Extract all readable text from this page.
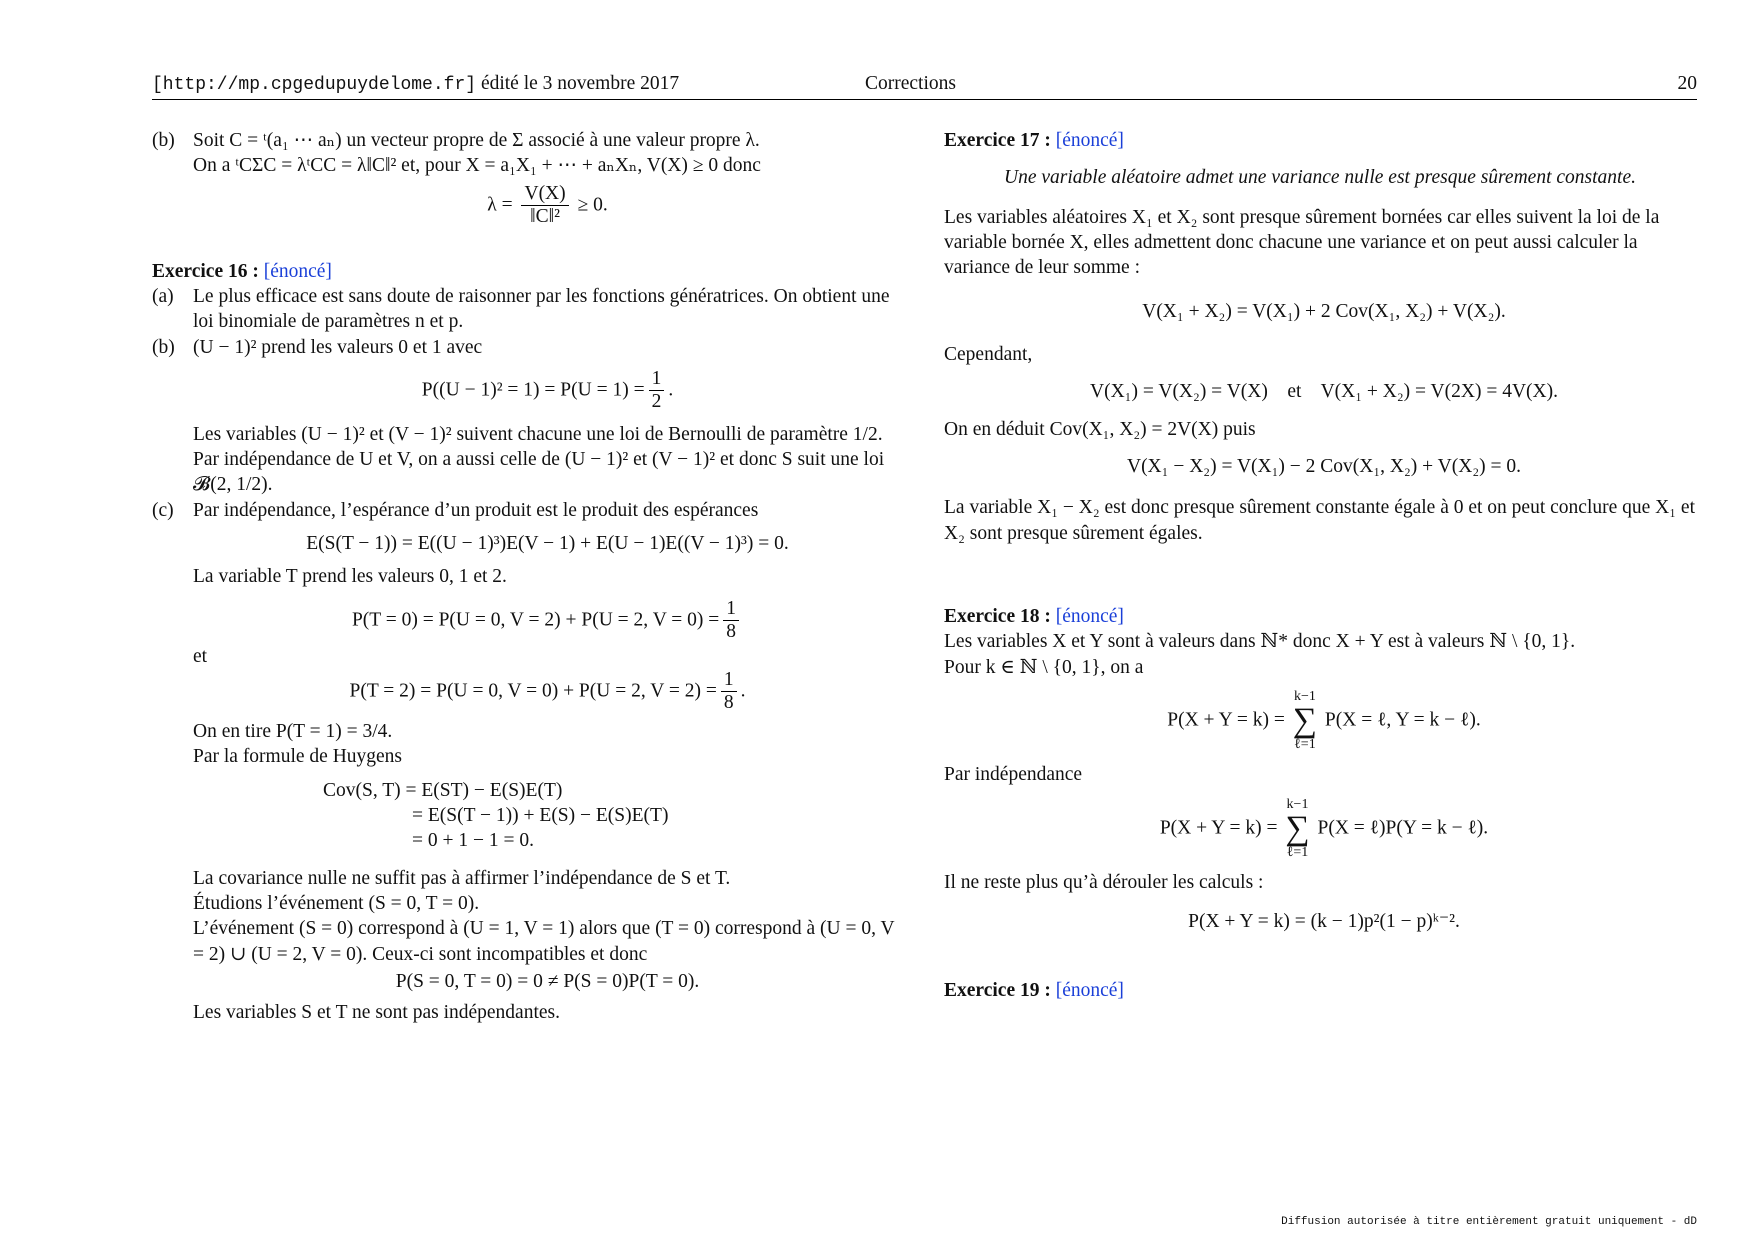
[http://mp.cpgedupuydelome.fr] édité le 3 novembre 2017	Corrections	20
(b) Soit C = ᵗ(a₁ ⋯ aₙ) un vecteur propre de Σ associé à une valeur propre λ.

On a ᵗCΣC = λᵗCC = λ‖C‖² et, pour X = a₁X₁ + ⋯ + aₙXₙ, V(X) ≥ 0 donc

$\lambda = \frac{V(X)}{\text{‖C‖²}} \ge 0$.

Exercice 16 : [énoncé]

(a) Le plus efficace est sans doute de raisonner par les fonctions génératrices. On obtient une loi binomiale de paramètres n et p.

(b) (U − 1)² prend les valeurs 0 et 1 avec

$P((U - 1)^2 = 1) = P(U = 1) = \frac{1}{2}$ .

Les variables (U − 1)² et (V − 1)² suivent chacune une loi de Bernoulli de paramètre 1/2. Par indépendance de U et V, on a aussi celle de (U − 1)² et (V − 1)² et donc S suit une loi 𝓑(2, 1/2).

(c) Par indépendance, l’espérance d’un produit est le produit des espérances

E(S(T − 1)) = E((U − 1)³)E(V − 1) + E(U − 1)E((V − 1)³) = 0.

La variable T prend les valeurs 0, 1 et 2.

P(T = 0) = P(U = 0, V = 2) + P(U = 2, $V = 0) = \frac{1}{8}$

et

P(T = 2) = P(U = 0, V = 0) + P(U = 2, $V = 2) = \frac{1}{8}$ .

On en tire P(T = 1) = 3/4.

Par la formule de Huygens

Cov(S, T) = E(ST) − E(S)E(T)
= E(S(T − 1)) + E(S) − E(S)E(T)
= 0 + 1 − 1 = 0.

La covariance nulle ne suffit pas à affirmer l’indépendance de S et T.

Étudions l’événement (S = 0, T = 0).

L’événement (S = 0) correspond à (U = 1, V = 1) alors que (T = 0) correspond à (U = 0, V = 2) ∪ (U = 2, V = 0). Ceux-ci sont incompatibles et donc

P(S = 0, T = 0) = 0 ≠ P(S = 0)P(T = 0).

Les variables S et T ne sont pas indépendantes.

Exercice 17 : [énoncé]

Une variable aléatoire admet une variance nulle est presque sûrement constante.

Les variables aléatoires X₁ et X₂ sont presque sûrement bornées car elles suivent la loi de la variable bornée X, elles admettent donc chacune une variance et on peut aussi calculer la variance de leur somme :

V(X₁ + X₂) = V(X₁) + 2 Cov(X₁, X₂) + V(X₂).

Cependant,

V(X₁) = V(X₂) = V(X)    et    V(X₁ + X₂) = V(2X) = 4V(X).

On en déduit Cov(X₁, X₂) = 2V(X) puis

V(X₁ − X₂) = V(X₁) − 2 Cov(X₁, X₂) + V(X₂) = 0.

La variable X₁ − X₂ est donc presque sûrement constante égale à 0 et on peut conclure que X₁ et X₂ sont presque sûrement égales.

Exercice 18 : [énoncé]

Les variables X et Y sont à valeurs dans ℕ* donc X + Y est à valeurs ℕ \ {0, 1}.

Pour k ∈ ℕ \ {0, 1}, on a

P(X + Y = k) =
k−1
∑
ℓ=1
P(X = ℓ, Y = k − ℓ).

Par indépendance

P(X + Y = k) =
k−1
∑
ℓ=1
P(X = ℓ)P(Y = k − ℓ).

Il ne reste plus qu’à dérouler les calculs :

P(X + Y = k) = (k − 1)p²(1 − p)ᵏ⁻².

Exercice 19 : [énoncé]

Diffusion autorisée à titre entièrement gratuit uniquement - dD
